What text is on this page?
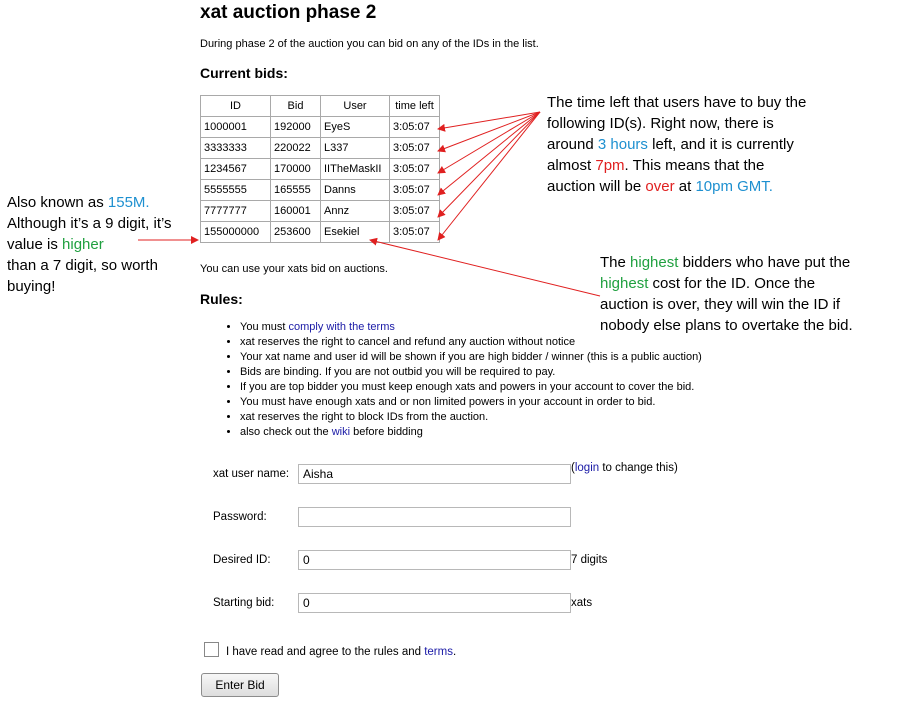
xat auction phase 2
During phase 2 of the auction you can bid on any of the IDs in the list.
Current bids:
ID	Bid	User	time left
1000001	192000	EyeS	3:05:07
3333333	220022	L337	3:05:07
1234567	170000	IITheMaskII	3:05:07
5555555	165555	Danns	3:05:07
7777777	160001	Annz	3:05:07
155000000	253600	Esekiel	3:05:07
You can use your xats bid on auctions.
Rules:
• You must comply with the terms
• xat reserves the right to cancel and refund any auction without notice
• Your xat name and user id will be shown if you are high bidder / winner (this is a public auction)
• Bids are binding. If you are not outbid you will be required to pay.
• If you are top bidder you must keep enough xats and powers in your account to cover the bid.
• You must have enough xats and or non limited powers in your account in order to bid.
• xat reserves the right to block IDs from the auction.
• also check out the wiki before bidding
xat user name:
Aisha	(login to change this)
Password:
Desired ID:
0	7 digits
Starting bid:
0	xats
I have read and agree to the rules and terms.
Enter Bid
Also known as 155M.
Although it’s a 9 digit, it’s
value is higher
than a 7 digit, so worth
buying!
The time left that users have to buy the
following ID(s). Right now, there is
around 3 hours left, and it is currently
almost 7pm. This means that the
auction will be over at 10pm GMT.
The highest bidders who have put the
highest cost for the ID. Once the
auction is over, they will win the ID if
nobody else plans to overtake the bid.
